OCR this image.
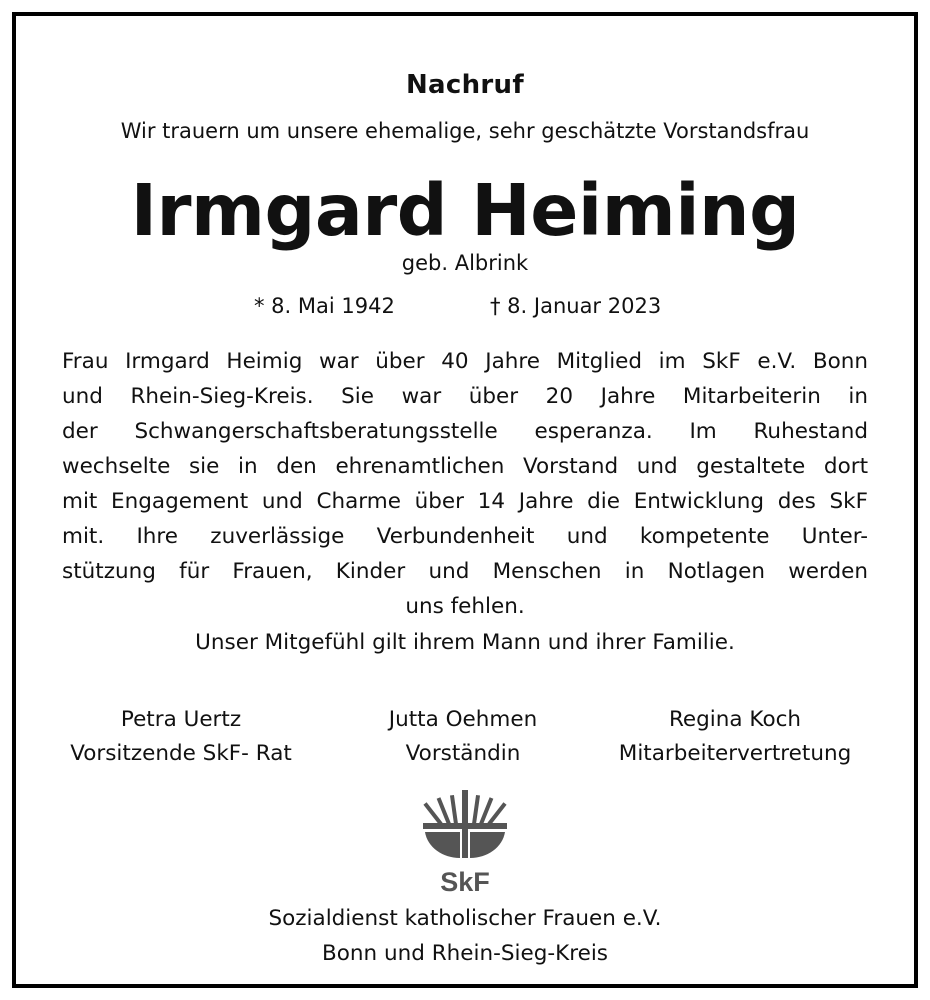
Nachruf
Wir trauern um unsere ehemalige, sehr geschätzte Vorstandsfrau
Irmgard Heiming
geb. Albrink
* 8. Mai 1942	† 8. Januar 2023
Frau Irmgard Heimig war über 40 Jahre Mitglied im SkF e.V. Bonn
und Rhein-Sieg-Kreis. Sie war über 20 Jahre Mitarbeiterin in
der Schwangerschaftsberatungsstelle esperanza. Im Ruhestand
wechselte sie in den ehrenamtlichen Vorstand und gestaltete dort
mit Engagement und Charme über 14 Jahre die Entwicklung des SkF
mit. Ihre zuverlässige Verbundenheit und kompetente Unter-
stützung für Frauen, Kinder und Menschen in Notlagen werden
uns fehlen.
Unser Mitgefühl gilt ihrem Mann und ihrer Familie.
Petra Uertz
Vorsitzende SkF- Rat
Jutta Oehmen
Vorständin
Regina Koch
Mitarbeitervertretung
SkF
Sozialdienst katholischer Frauen e.V.
Bonn und Rhein-Sieg-Kreis
